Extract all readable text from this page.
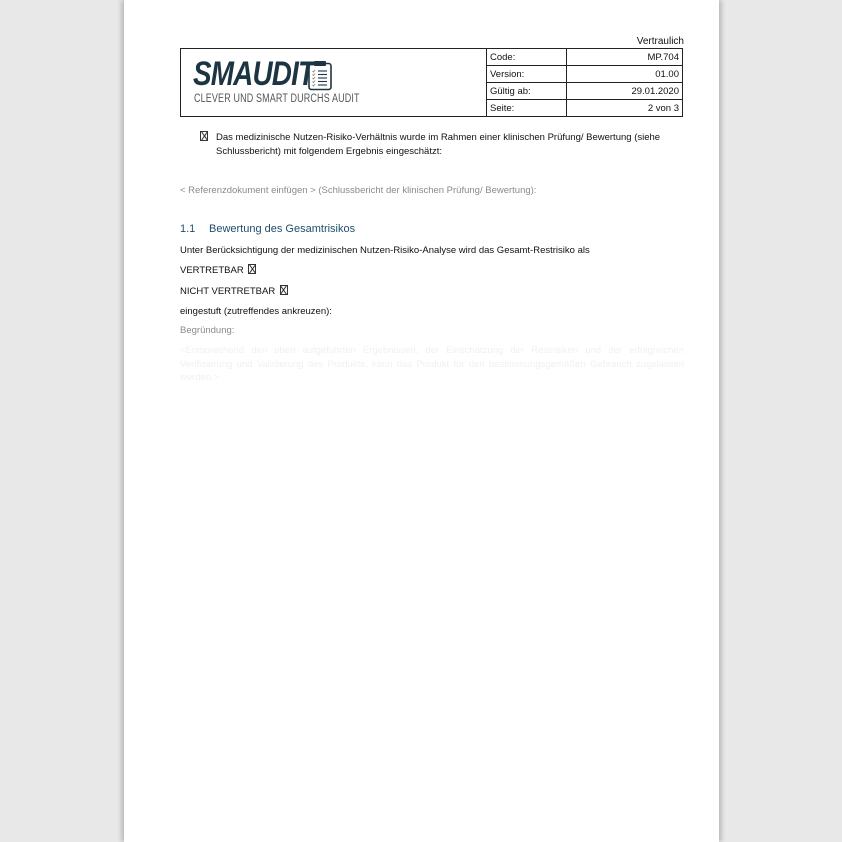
Vertraulich
SMAUDIT
CLEVER UND SMART DURCHS AUDIT
Code:	MP.704
Version:	01.00
Gültig ab:	29.01.2020
Seite:	2 von 3
Das medizinische Nutzen-Risiko-Verhältnis wurde im Rahmen einer klinischen Prüfung/ Bewertung (siehe Schlussbericht) mit folgendem Ergebnis eingeschätzt:
< Referenzdokument einfügen > (Schlussbericht der klinischen Prüfung/ Bewertung):
1.1 Bewertung des Gesamtrisikos
Unter Berücksichtigung der medizinischen Nutzen-Risiko-Analyse wird das Gesamt-Restrisiko als
VERTRETBAR
NICHT VERTRETBAR
eingestuft (zutreffendes ankreuzen):
Begründung:
<Entsprechend den oben aufgeführten Ergebnissen, der Einschätzung der Restrisiken und der erfolgreichen Verifizierung und Validierung des Produkts, kann das Produkt für den bestimmungsgemäßen Gebrauch zugelassen werden.>
